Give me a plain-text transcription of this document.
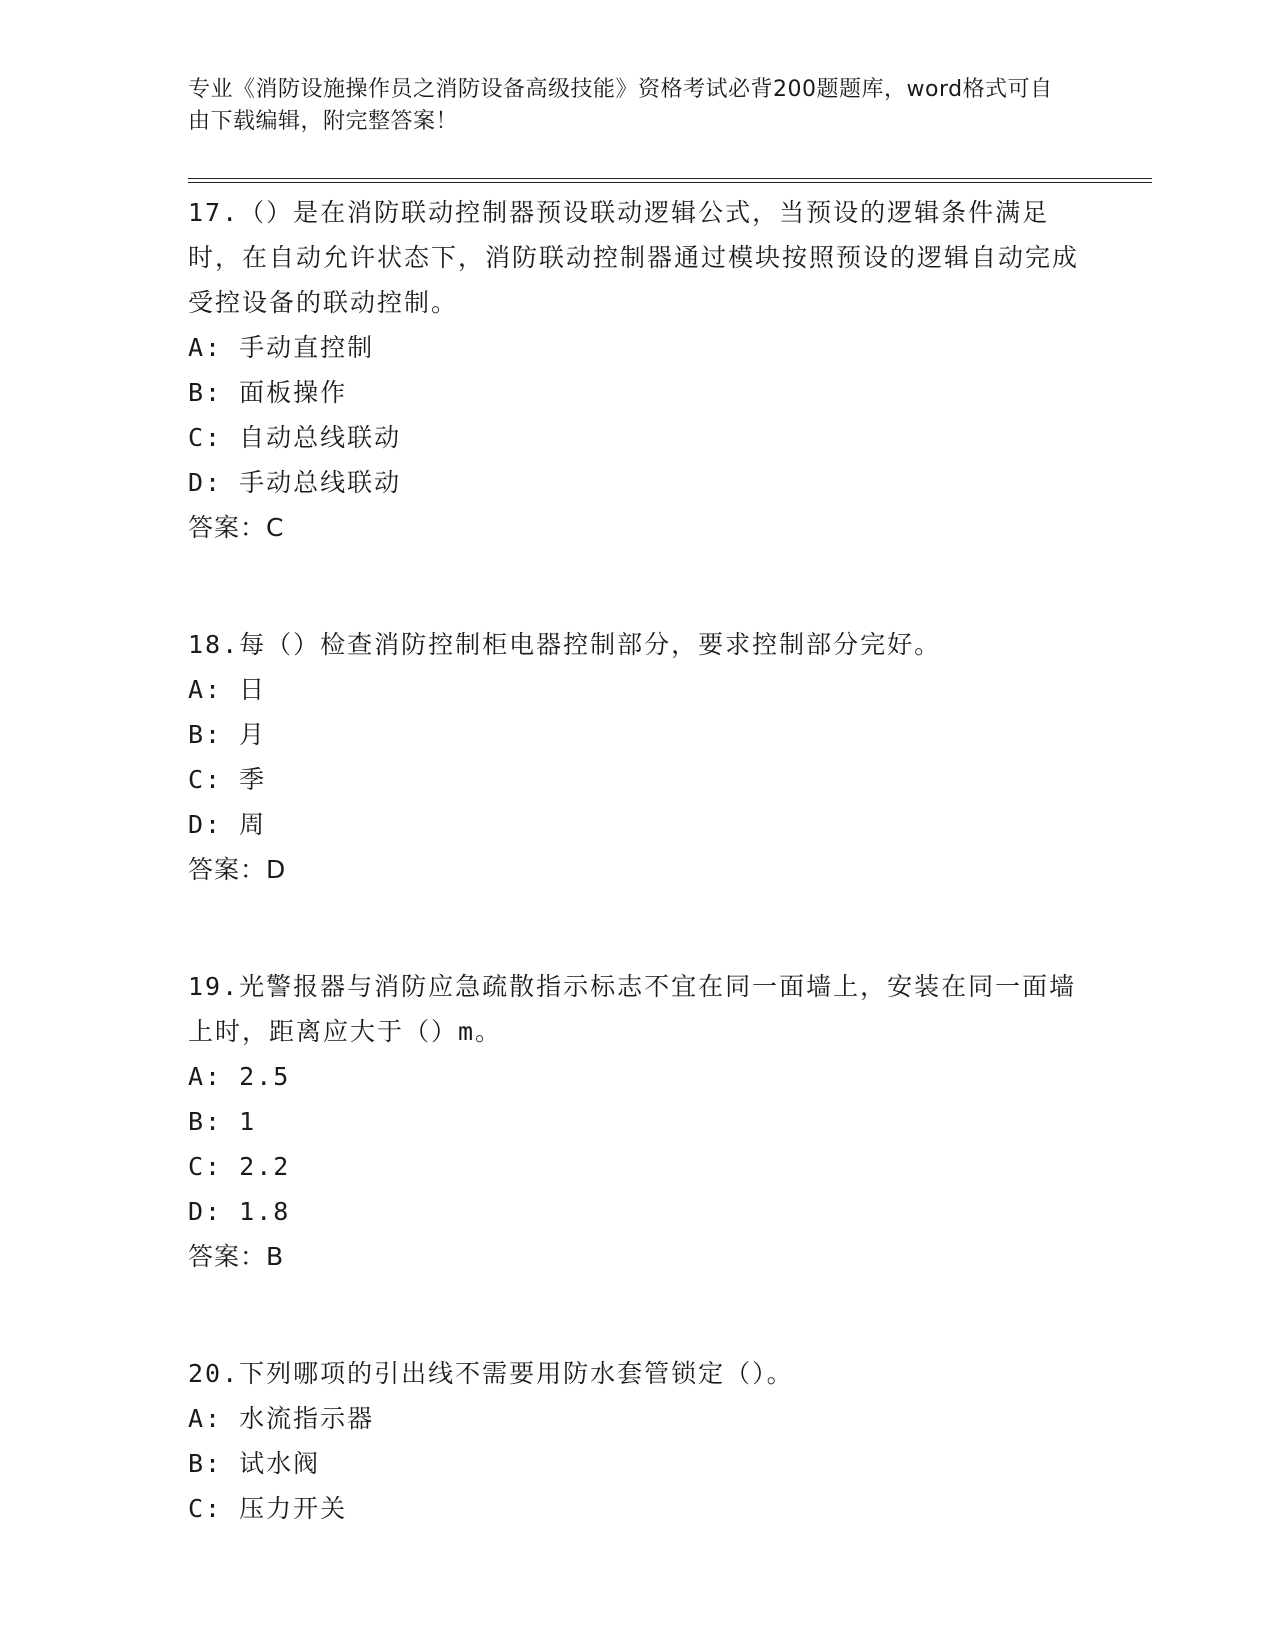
专业《消防设施操作员之消防设备高级技能》资格考试必背200题题库，word格式可自由下载编辑，附完整答案！

17.（）是在消防联动控制器预设联动逻辑公式，当预设的逻辑条件满足时，在自动允许状态下，消防联动控制器通过模块按照预设的逻辑自动完成受控设备的联动控制。

A: 手动直控制

B: 面板操作

C: 自动总线联动

D: 手动总线联动

答案：C

18.每（）检查消防控制柜电器控制部分，要求控制部分完好。

A: 日

B: 月

C: 季

D: 周

答案：D

19.光警报器与消防应急疏散指示标志不宜在同一面墙上，安装在同一面墙上时，距离应大于（）m。

A: 2.5

B: 1

C: 2.2

D: 1.8

答案：B

20.下列哪项的引出线不需要用防水套管锁定（）。

A: 水流指示器

B: 试水阀

C: 压力开关
